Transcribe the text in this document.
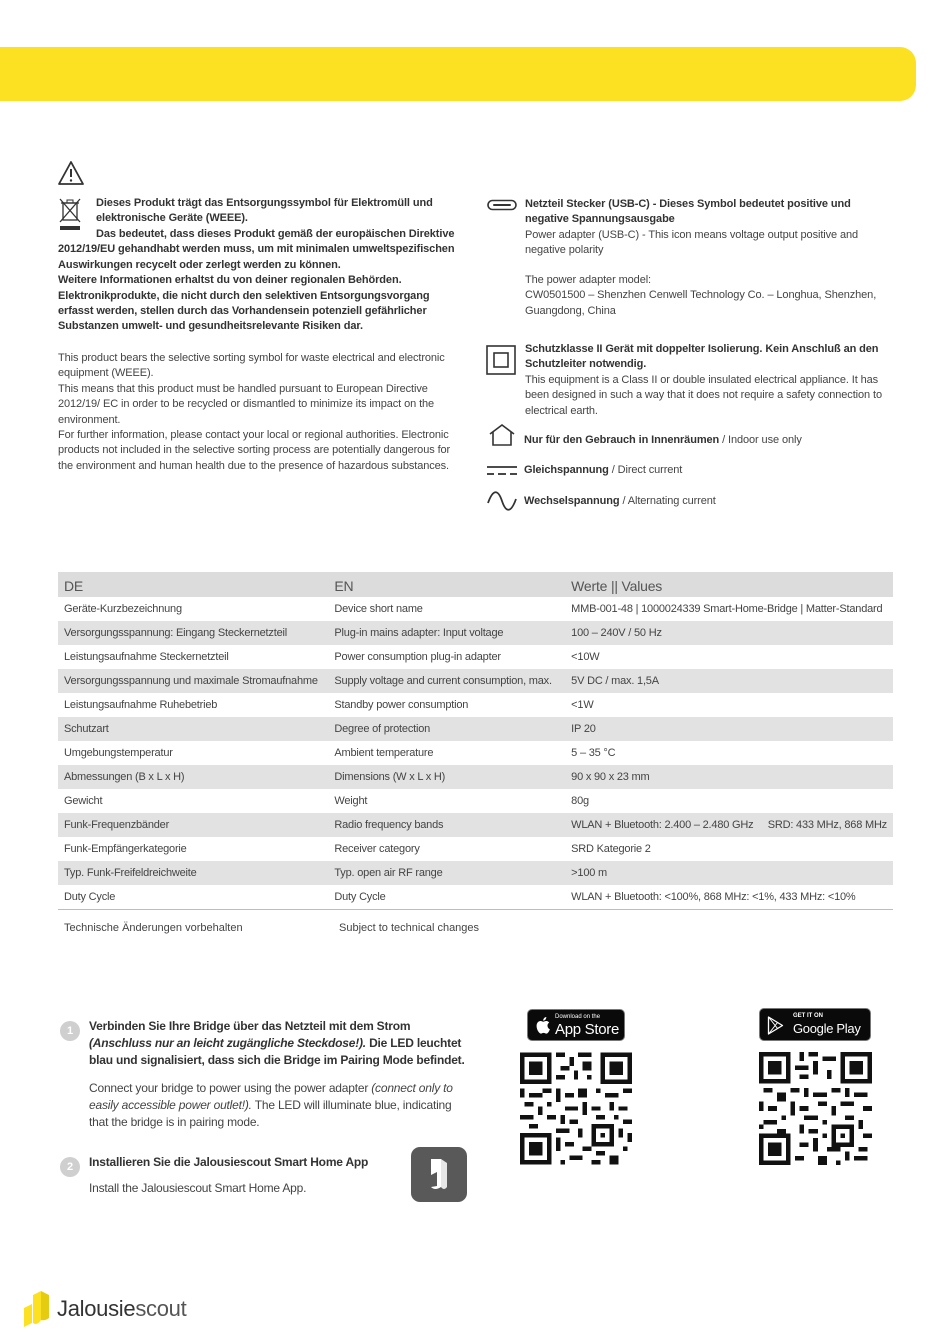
Dieses Produkt trägt das Entsorgungssymbol für Elektromüll und elektronische Geräte (WEEE).
Das bedeutet, dass dieses Produkt gemäß der europäischen Direktive 2012/19/EU gehandhabt werden muss, um mit minimalen umweltspezifischen Auswirkungen recycelt oder zerlegt werden zu können.
Weitere Informationen erhaltst du von deiner regionalen Behörden.
Elektronikprodukte, die nicht durch den selektiven Entsorgungsvorgang erfasst werden, stellen durch das Vorhandensein potenziell gefährlicher Substanzen umwelt- und gesundheitsrelevante Risiken dar.
This product bears the selective sorting symbol for waste electrical and electronic equipment (WEEE).
This means that this product must be handled pursuant to European Directive 2012/19/ EC in order to be recycled or dismantled to minimize its impact on the environment.
For further information, please contact your local or regional authorities. Electronic products not included in the selective sorting process are potentially dangerous for the environment and human health due to the presence of hazardous substances.
Netzteil Stecker (USB-C) - Dieses Symbol bedeutet positive und negative Spannungsausgabe
Power adapter (USB-C) - This icon means voltage output positive and negative polarity
The power adapter model:
CW0501500 – Shenzhen Cenwell Technology Co. – Longhua, Shenzhen, Guangdong, China
Schutzklasse II Gerät mit doppelter Isolierung. Kein Anschluß an den Schutzleiter notwendig.
This equipment is a Class II or double insulated electrical appliance. It has been designed in such a way that it does not require a safety connection to electrical earth.
Nur für den Gebrauch in Innenräumen / Indoor use only
Gleichspannung / Direct current
Wechselspannung / Alternating current
DE	EN	Werte || Values
Geräte-Kurzbezeichnung	Device short name	MMB-001-48 | 1000024339 Smart-Home-Bridge | Matter-Standard
Versorgungsspannung: Eingang Steckernetzteil	Plug-in mains adapter: Input voltage	100 – 240V / 50 Hz
Leistungsaufnahme Steckernetzteil	Power consumption plug-in adapter	<10W
Versorgungsspannung und maximale Stromaufnahme	Supply voltage and current consumption, max.	5V DC / max. 1,5A
Leistungsaufnahme Ruhebetrieb	Standby power consumption	<1W
Schutzart	Degree of protection	IP 20
Umgebungstemperatur	Ambient temperature	5 – 35 °C
Abmessungen (B x L x H)	Dimensions (W x L x H)	90 x 90 x 23 mm
Gewicht	Weight	80g
Funk-Frequenzbänder	Radio frequency bands	WLAN + Bluetooth: 2.400 – 2.480 GHz     SRD: 433 MHz, 868 MHz
Funk-Empfängerkategorie	Receiver category	SRD Kategorie 2
Typ. Funk-Freifeldreichweite	Typ. open air RF range	>100 m
Duty Cycle	Duty Cycle	WLAN + Bluetooth: <100%, 868 MHz: <1%, 433 MHz: <10%
Technische Änderungen vorbehalten	Subject to technical changes
1	Verbinden Sie Ihre Bridge über das Netzteil mit dem Strom (Anschluss nur an leicht zugängliche Steckdose!). Die LED leuchtet blau und signalisiert, dass sich die Bridge im Pairing Mode befindet.
Connect your bridge to power using the power adapter (connect only to easily accessible power outlet!). The LED will illuminate blue, indicating that the bridge is in pairing mode.
2	Installieren Sie die Jalousiescout Smart Home App
Install the Jalousiescout Smart Home App.
Download on the
App Store
GET IT ON
Google Play
Jalousiescout
